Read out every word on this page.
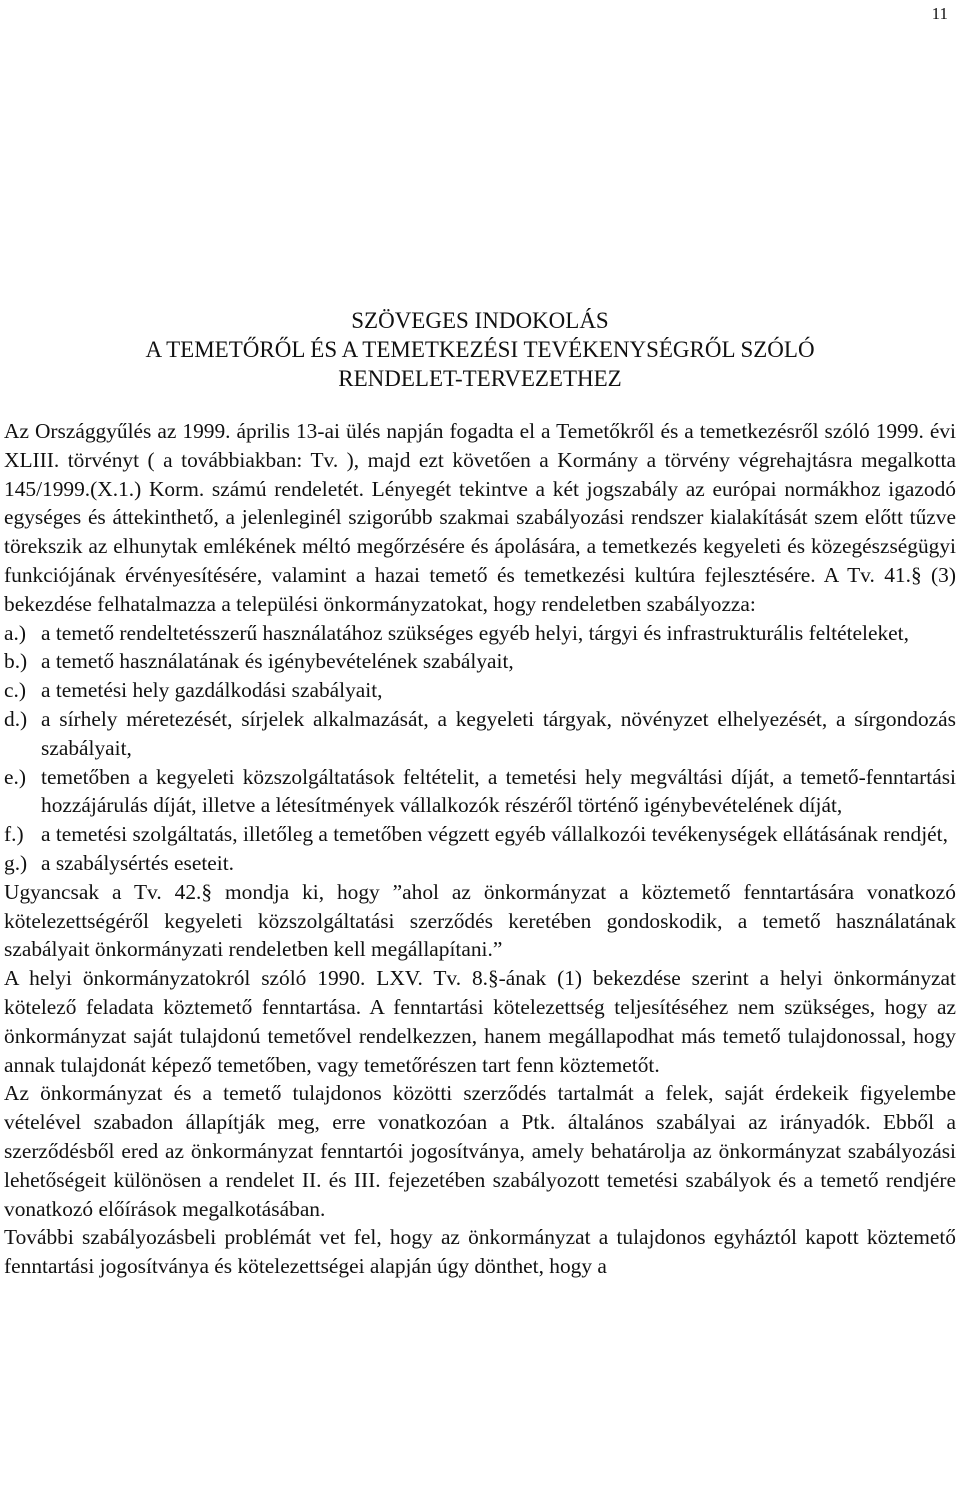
11
SZÖVEGES INDOKOLÁS
A TEMETŐRŐL ÉS A TEMETKEZÉSI TEVÉKENYSÉGRŐL SZÓLÓ
RENDELET-TERVEZETHEZ

Az Országgyűlés az 1999. április 13-ai ülés napján fogadta el a Temetőkről és a temetkezésről szóló 1999. évi XLIII. törvényt ( a továbbiakban: Tv. ), majd ezt követően a Kormány a törvény végrehajtásra megalkotta 145/1999.(X.1.) Korm. számú rendeletét. Lényegét tekintve a két jogszabály az európai normákhoz igazodó egységes és áttekinthető, a jelenleginél szigorúbb szakmai szabályozási rendszer kialakítását szem előtt tűzve törekszik az elhunytak emlékének méltó megőrzésére és ápolására, a temetkezés kegyeleti és közegészségügyi funkciójának érvényesítésére, valamint a hazai temető és temetkezési kultúra fejlesztésére. A Tv. 41.§ (3) bekezdése felhatalmazza a települési önkormányzatokat, hogy rendeletben szabályozza:

a.) a temető rendeltetésszerű használatához szükséges egyéb helyi, tárgyi és infrastrukturális feltételeket,
b.) a temető használatának és igénybevételének szabályait,
c.) a temetési hely gazdálkodási szabályait,
d.) a sírhely méretezését, sírjelek alkalmazását, a kegyeleti tárgyak, növényzet elhelyezését, a sírgondozás szabályait,
e.) temetőben a kegyeleti közszolgáltatások feltételit, a temetési hely megváltási díját, a temető-fenntartási hozzájárulás díját, illetve a létesítmények vállalkozók részéről történő igénybevételének díját,
f.) a temetési szolgáltatás, illetőleg a temetőben végzett egyéb vállalkozói tevékenységek ellátásának rendjét,
g.) a szabálysértés eseteit.

Ugyancsak a Tv. 42.§ mondja ki, hogy ”ahol az önkormányzat a köztemető fenntartására vonatkozó kötelezettségéről kegyeleti közszolgáltatási szerződés keretében gondoskodik, a temető használatának szabályait önkormányzati rendeletben kell megállapítani.”

A helyi önkormányzatokról szóló 1990. LXV. Tv. 8.§-ának (1) bekezdése szerint a helyi önkormányzat kötelező feladata köztemető fenntartása. A fenntartási kötelezettség teljesítéséhez nem szükséges, hogy az önkormányzat saját tulajdonú temetővel rendelkezzen, hanem megállapodhat más temető tulajdonossal, hogy annak tulajdonát képező temetőben, vagy temetőrészen tart fenn köztemetőt.

Az önkormányzat és a temető tulajdonos közötti szerződés tartalmát a felek, saját érdekeik figyelembe vételével szabadon állapítják meg, erre vonatkozóan a Ptk. általános szabályai az irányadók. Ebből a szerződésből ered az önkormányzat fenntartói jogosítványa, amely behatárolja az önkormányzat szabályozási lehetőségeit különösen a rendelet II. és III. fejezetében szabályozott temetési szabályok és a temető rendjére vonatkozó előírások megalkotásában.

További szabályozásbeli problémát vet fel, hogy az önkormányzat a tulajdonos egyháztól kapott köztemető fenntartási jogosítványa és kötelezettségei alapján úgy dönthet, hogy a
